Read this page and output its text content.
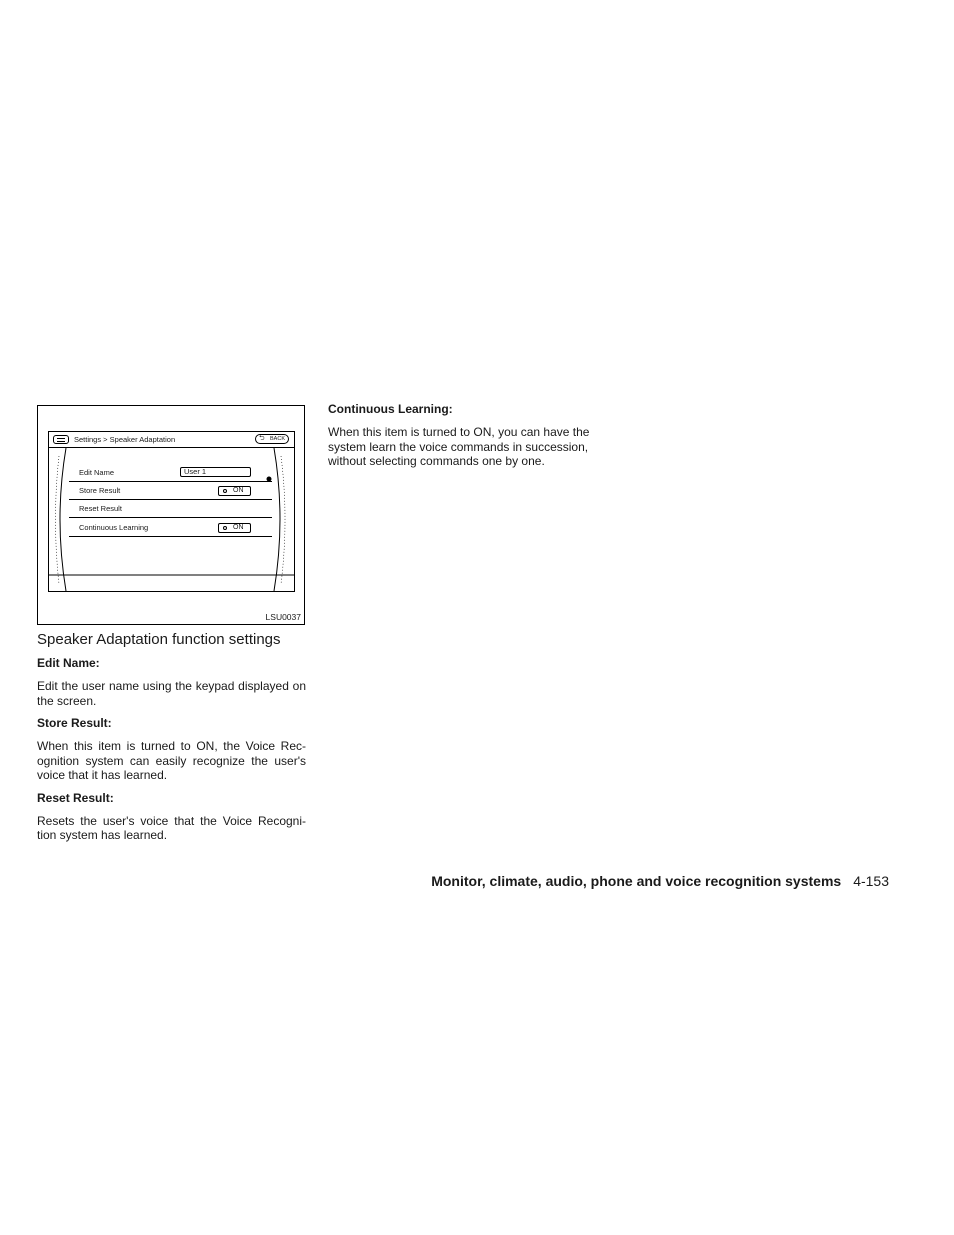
Settings > Speaker Adaptation	⮌ BACK
Edit Name	User 1
Store Result	ON
Reset Result
Continuous Learning	ON
LSU0037

Speaker Adaptation function settings

Edit Name:

Edit the user name using the keypad displayed on the screen.

Store Result:

When this item is turned to ON, the Voice Rec-ognition system can easily recognize the user's voice that it has learned.

Reset Result:

Resets the user's voice that the Voice Recogni-tion system has learned.

Continuous Learning:

When this item is turned to ON, you can have the system learn the voice commands in succession, without selecting commands one by one.

Monitor, climate, audio, phone and voice recognition systems 4-153
